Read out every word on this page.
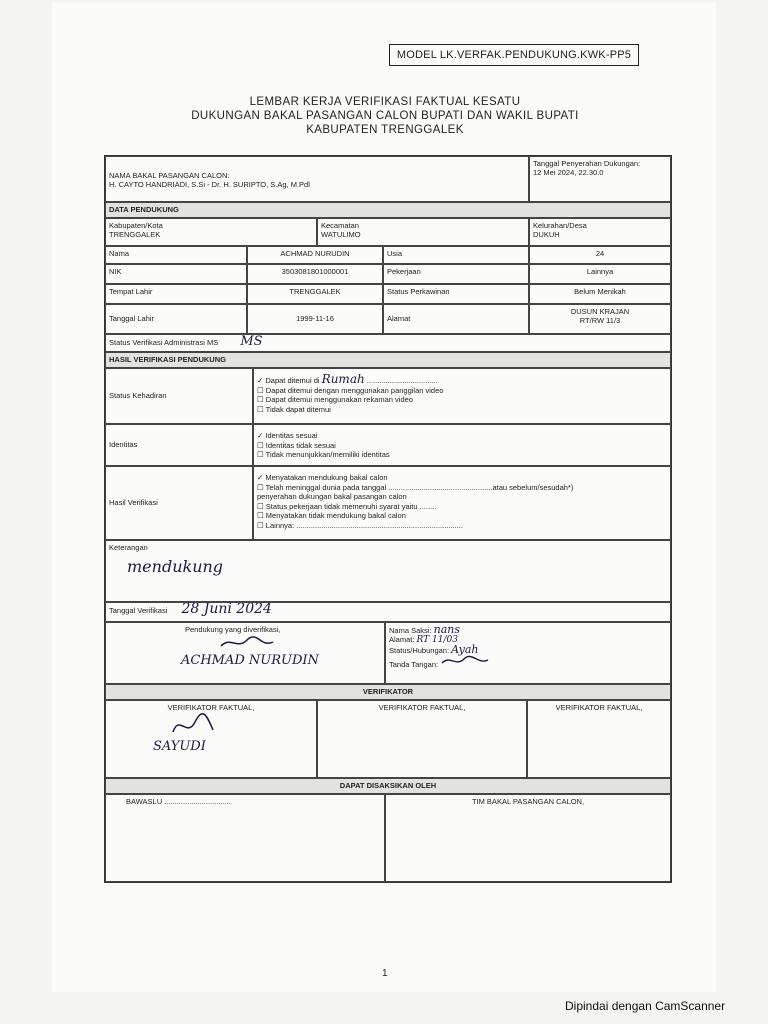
MODEL LK.VERFAK.PENDUKUNG.KWK-PP5
LEMBAR KERJA VERIFIKASI FAKTUAL KESATU
DUKUNGAN BAKAL PASANGAN CALON BUPATI DAN WAKIL BUPATI
KABUPATEN TRENGGALEK
NAMA BAKAL PASANGAN CALON:
H. CAYTO HANDRIADI, S.Si - Dr. H. SURIPTO, S.Ag, M.Pdl
Tanggal Penyerahan Dukungan:
12 Mei 2024, 22.30.0
DATA PENDUKUNG
Kabupaten/Kota
TRENGGALEK
Kecamatan
WATULIMO
Kelurahan/Desa
DUKUH
Nama	ACHMAD NURUDIN	Usia	24
NIK	3503081801000001	Pekerjaan	Lainnya
Tempat Lahir	TRENGGALEK	Status Perkawinan	Belum Menikah
Tanggal Lahir	1999-11-16	Alamat
DUSUN KRAJAN
RT/RW 11/3
Status Verifikasi Administrasi MS MS
HASIL VERIFIKASI PENDUKUNG
Status Kehadiran
✓ Dapat ditemui di Rumah ..................................
☐ Dapat ditemui dengan menggunakan panggilan video
☐ Dapat ditemui menggunakan rekaman video
☐ Tidak dapat ditemui
Identitas
✓ Identitas sesuai
☐ Identitas tidak sesuai
☐ Tidak menunjukkan/memiliki identitas
Hasil Verifikasi
✓ Menyatakan mendukung bakal calon
☐ Telah meninggal dunia pada tanggal ..................................................atau sebelum/sesudah*)
penyerahan dukungan bakal pasangan calon
☐ Status pekerjaan tidak memenuhi syarat yaitu ........
☐ Menyatakan tidak mendukung bakal calon
☐ Lainnya: ................................................................................
Keterangan
mendukung
Tanggal Verifikasi 28 Juni 2024
Pendukung yang diverifikasi,
ACHMAD NURUDIN
Nama Saksi: nans
Alamat: RT 11/03
Status/Hubungan: Ayah
Tanda Tangan:
VERIFIKATOR
VERIFIKATOR FAKTUAL,
SAYUDI
VERIFIKATOR FAKTUAL,	VERIFIKATOR FAKTUAL,
DAPAT DISAKSIKAN OLEH
BAWASLU ................................	TIM BAKAL PASANGAN CALON,
1
Dipindai dengan CamScanner
